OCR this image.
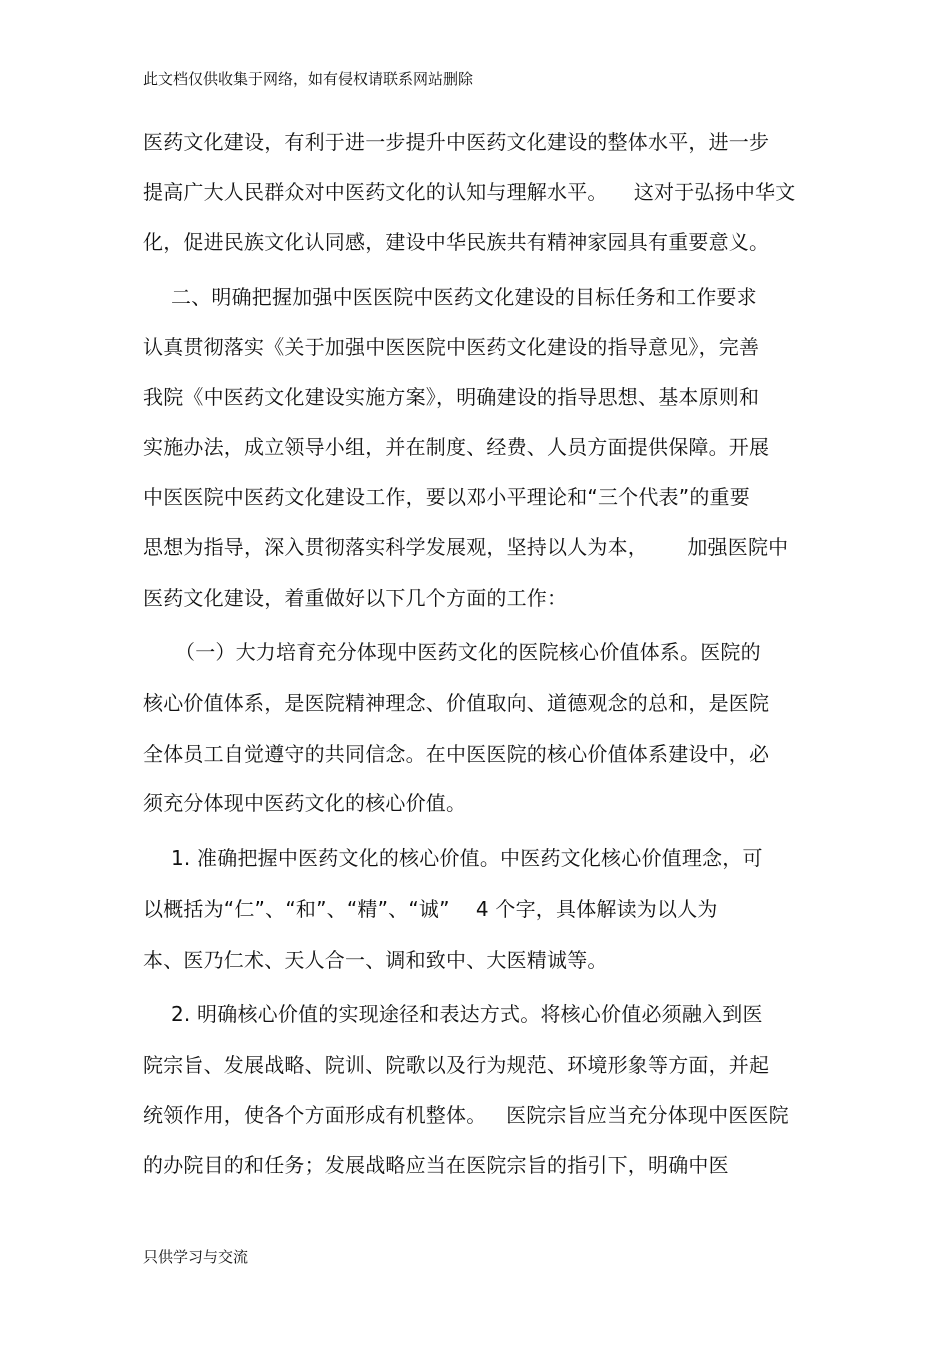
此文档仅供收集于网络，如有侵权请联系网站删除
医药文化建设，有利于进一步提升中医药文化建设的整体水平，进一步
提高广大人民群众对中医药文化的认知与理解水平。    这对于弘扬中华文
化，促进民族文化认同感，建设中华民族共有精神家园具有重要意义。
二、明确把握加强中医医院中医药文化建设的目标任务和工作要求
认真贯彻落实《关于加强中医医院中医药文化建设的指导意见》，完善
我院《中医药文化建设实施方案》，明确建设的指导思想、基本原则和
实施办法，成立领导小组，并在制度、经费、人员方面提供保障。开展
中医医院中医药文化建设工作，要以邓小平理论和“三个代表”的重要
思想为指导，深入贯彻落实科学发展观，坚持以人为本，      加强医院中
医药文化建设，着重做好以下几个方面的工作：
（一）大力培育充分体现中医药文化的医院核心价值体系。医院的
核心价值体系，是医院精神理念、价值取向、道德观念的总和，是医院
全体员工自觉遵守的共同信念。在中医医院的核心价值体系建设中，必
须充分体现中医药文化的核心价值。
1. 准确把握中医药文化的核心价值。中医药文化核心价值理念，可
以概括为“仁”、“和”、“精”、“诚”    4 个字，具体解读为以人为
本、医乃仁术、天人合一、调和致中、大医精诚等。
2. 明确核心价值的实现途径和表达方式。将核心价值必须融入到医
院宗旨、发展战略、院训、院歌以及行为规范、环境形象等方面，并起
统领作用，使各个方面形成有机整体。   医院宗旨应当充分体现中医医院
的办院目的和任务；发展战略应当在医院宗旨的指引下，明确中医
只供学习与交流
